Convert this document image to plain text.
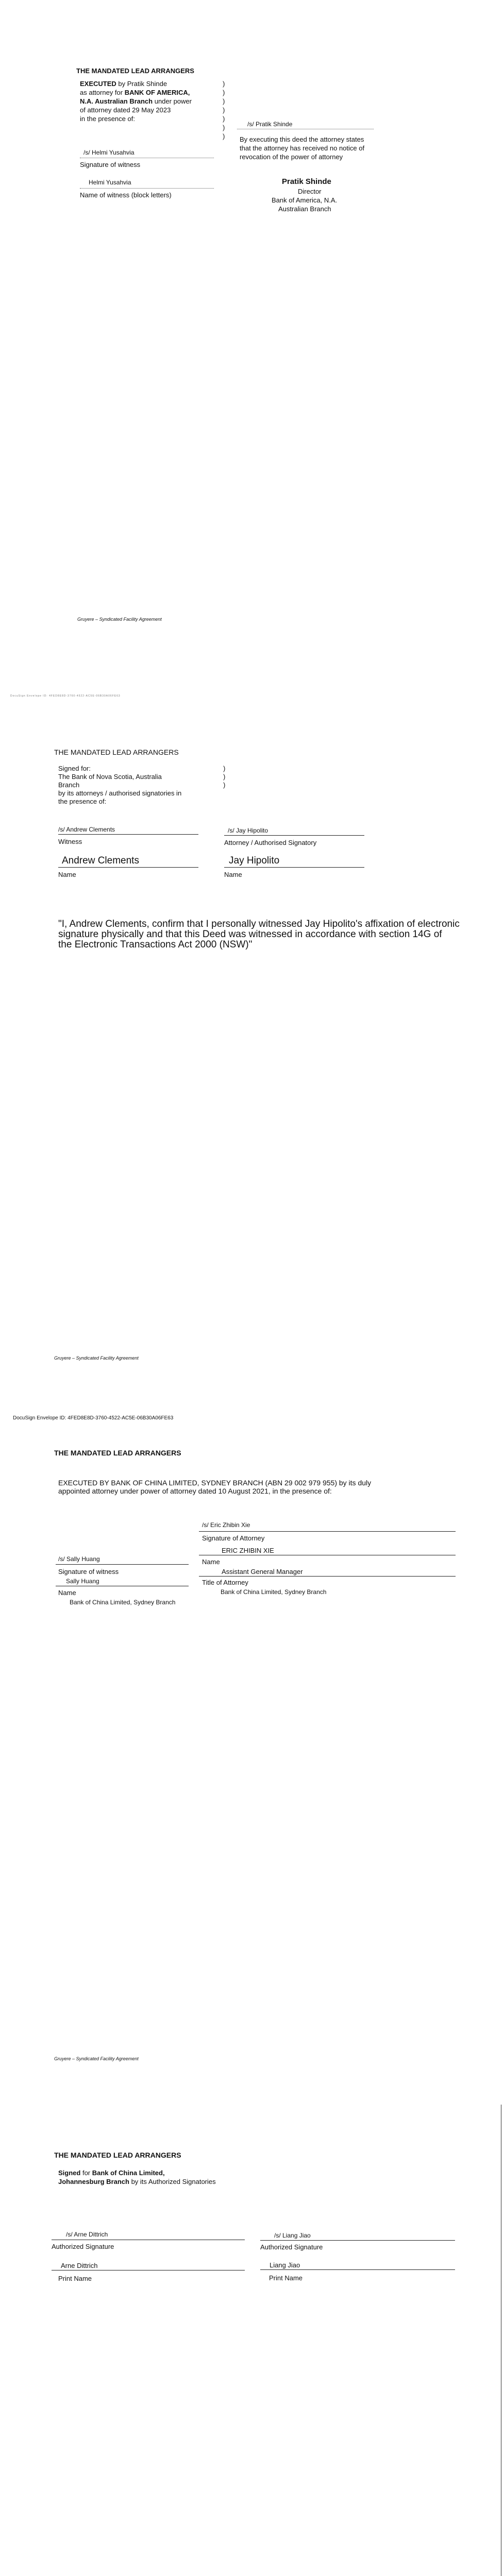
THE MANDATED LEAD ARRANGERS
EXECUTED by Pratik Shinde
as attorney for BANK OF AMERICA,
N.A. Australian Branch under power
of attorney dated 29 May 2023
in the presence of:
)
)
)
)
)
)
)
/s/ Helmi Yusahvia
Signature of witness
Helmi Yusahvia
Name of witness (block letters)
/s/ Pratik Shinde
By executing this deed the attorney states
that the attorney has received no notice of
revocation of the power of attorney
Pratik Shinde
Director
Bank of America, N.A.
Australian Branch
Gruyere – Syndicated Facility Agreement
DocuSign Envelope ID: 4FED8E8D-3760-4522-AC5E-06B30A06FE63
THE MANDATED LEAD ARRANGERS
Signed for:
The Bank of Nova Scotia, Australia
Branch
by its attorneys / authorised signatories in
the presence of:
)
)
)
/s/ Andrew Clements
Witness
/s/ Jay Hipolito
Attorney / Authorised Signatory
Andrew Clements
Name
Jay Hipolito
Name
"I, Andrew Clements, confirm that I personally witnessed Jay Hipolito's affixation of electronic
signature physically and that this Deed was witnessed in accordance with section 14G of
the Electronic Transactions Act 2000 (NSW)"
Gruyere – Syndicated Facility Agreement
DocuSign Envelope ID: 4FED8E8D-3760-4522-AC5E-06B30A06FE63
THE MANDATED LEAD ARRANGERS
EXECUTED BY BANK OF CHINA LIMITED, SYDNEY BRANCH (ABN 29 002 979 955) by its duly
appointed attorney under power of attorney dated 10 August 2021, in the presence of:
/s/ Eric Zhibin Xie
Signature of Attorney
ERIC ZHIBIN XIE
Name
Assistant General Manager
Title of Attorney
Bank of China Limited, Sydney Branch
/s/ Sally Huang
Signature of witness
Sally Huang
Name
Bank of China Limited, Sydney Branch
Gruyere – Syndicated Facility Agreement
THE MANDATED LEAD ARRANGERS
Signed for Bank of China Limited,
Johannesburg Branch by its Authorized Signatories
/s/ Arne Dittrich
Authorized Signature
Arne Dittrich
Print Name
/s/ Liang Jiao
Authorized Signature
Liang Jiao
Print Name
